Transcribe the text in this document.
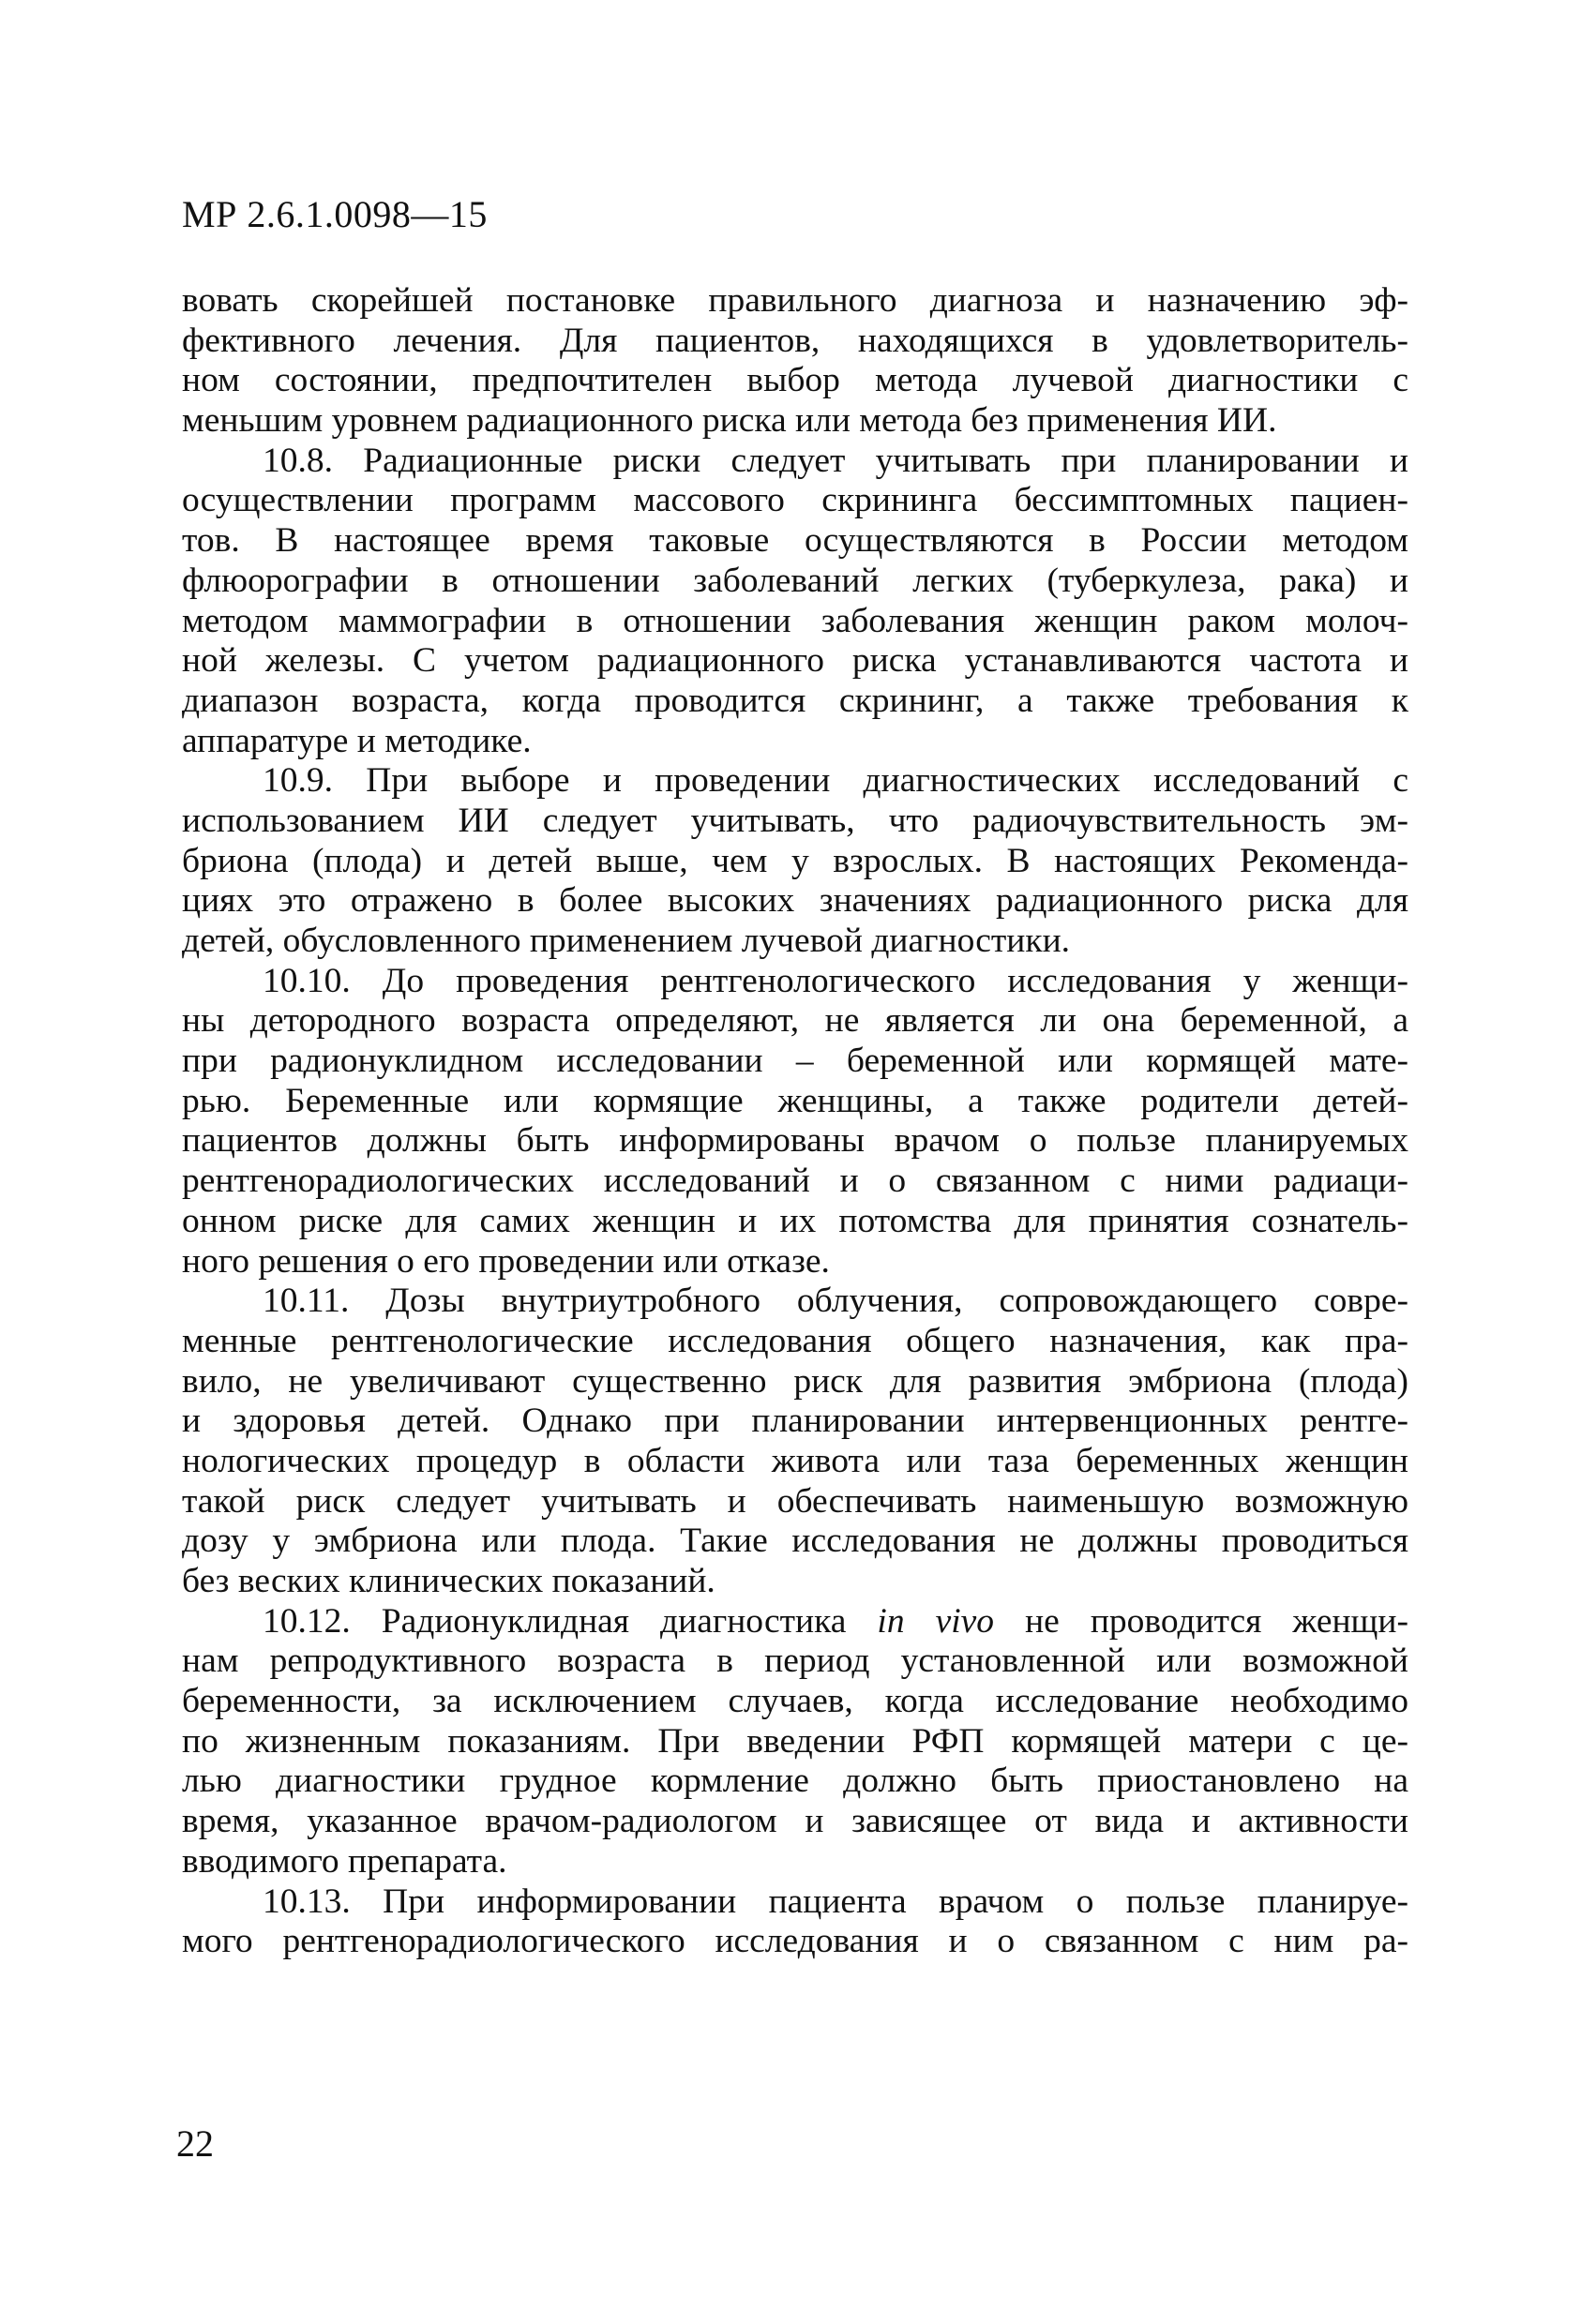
МР 2.6.1.0098—15
вовать скорейшей постановке правильного диагноза и назначению эф-
фективного лечения. Для пациентов, находящихся в удовлетворитель-
ном состоянии, предпочтителен выбор метода лучевой диагностики с
меньшим уровнем радиационного риска или метода без применения ИИ.
10.8. Радиационные риски следует учитывать при планировании и
осуществлении программ массового скрининга бессимптомных пациен-
тов. В настоящее время таковые осуществляются в России методом
флюорографии в отношении заболеваний легких (туберкулеза, рака) и
методом маммографии в отношении заболевания женщин раком молоч-
ной железы. С учетом радиационного риска устанавливаются частота и
диапазон возраста, когда проводится скрининг, а также требования к
аппаратуре и методике.
10.9. При выборе и проведении диагностических исследований с
использованием ИИ следует учитывать, что радиочувствительность эм-
бриона (плода) и детей выше, чем у взрослых. В настоящих Рекоменда-
циях это отражено в более высоких значениях радиационного риска для
детей, обусловленного применением лучевой диагностики.
10.10. До проведения рентгенологического исследования у женщи-
ны детородного возраста определяют, не является ли она беременной, а
при радионуклидном исследовании – беременной или кормящей мате-
рью. Беременные или кормящие женщины, а также родители детей-
пациентов должны быть информированы врачом о пользе планируемых
рентгенорадиологических исследований и о связанном с ними радиаци-
онном риске для самих женщин и их потомства для принятия сознатель-
ного решения о его проведении или отказе.
10.11. Дозы внутриутробного облучения, сопровождающего совре-
менные рентгенологические исследования общего назначения, как пра-
вило, не увеличивают существенно риск для развития эмбриона (плода)
и здоровья детей. Однако при планировании интервенционных рентге-
нологических процедур в области живота или таза беременных женщин
такой риск следует учитывать и обеспечивать наименьшую возможную
дозу у эмбриона или плода. Такие исследования не должны проводиться
без веских клинических показаний.
10.12. Радионуклидная диагностика in vivo не проводится женщи-
нам репродуктивного возраста в период установленной или возможной
беременности, за исключением случаев, когда исследование необходимо
по жизненным показаниям. При введении РФП кормящей матери с це-
лью диагностики грудное кормление должно быть приостановлено на
время, указанное врачом-радиологом и зависящее от вида и активности
вводимого препарата.
10.13. При информировании пациента врачом о пользе планируе-
мого рентгенорадиологического исследования и о связанном с ним ра-
22
